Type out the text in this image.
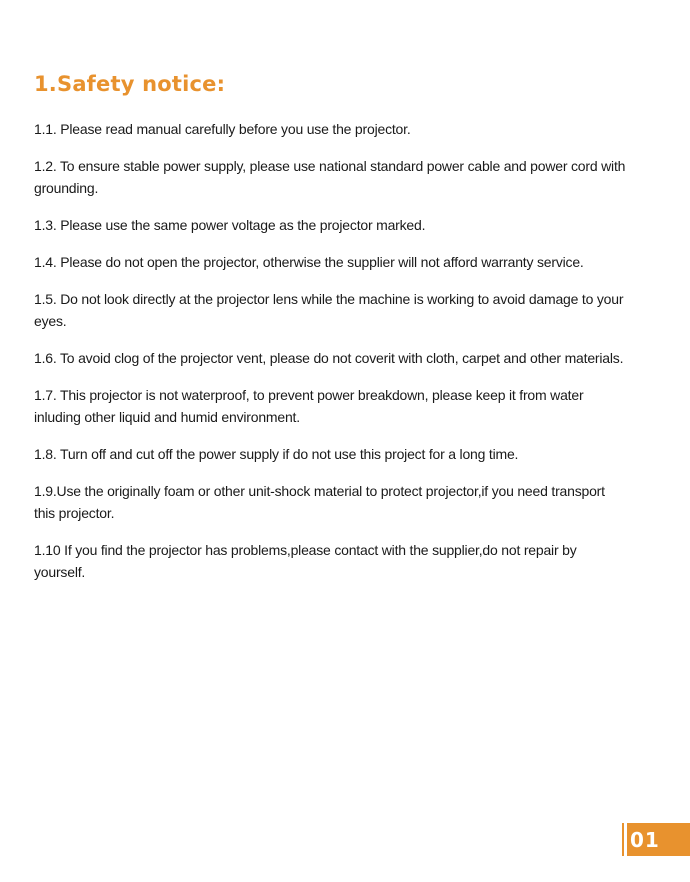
1.Safety notice:
1.1. Please read manual carefully before you use the projector.
1.2. To ensure stable power supply, please use national standard power cable and power cord with grounding.
1.3. Please use the same power voltage as the projector marked.
1.4. Please do not open the projector, otherwise the supplier will not afford warranty service.
1.5. Do not look directly at the projector lens while the machine is working to avoid damage to your eyes.
1.6. To avoid clog of the projector vent, please do not coverit with cloth, carpet and other materials.
1.7. This projector is not waterproof, to prevent power breakdown, please keep it from water inluding other liquid and humid environment.
1.8. Turn off and cut off the power supply if do not use this project for a long time.
1.9.Use the originally foam or other unit-shock material to protect projector,if you need transport this projector.
1.10 If you find the projector has problems,please contact with the supplier,do not repair by yourself.
01
